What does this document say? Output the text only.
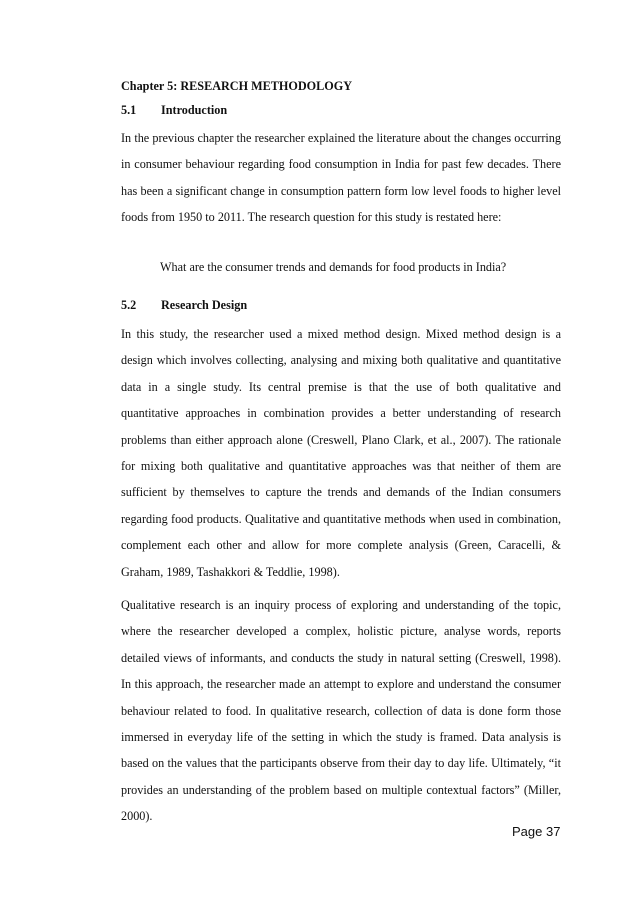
Chapter 5: RESEARCH METHODOLOGY
5.1 Introduction
In the previous chapter the researcher explained the literature about the changes occurring in consumer behaviour regarding food consumption in India for past few decades. There has been a significant change in consumption pattern form low level foods to higher level foods from 1950 to 2011. The research question for this study is restated here:
What are the consumer trends and demands for food products in India?
5.2 Research Design
In this study, the researcher used a mixed method design. Mixed method design is a design which involves collecting, analysing and mixing both qualitative and quantitative data in a single study. Its central premise is that the use of both qualitative and quantitative approaches in combination provides a better understanding of research problems than either approach alone (Creswell, Plano Clark, et al., 2007). The rationale for mixing both qualitative and quantitative approaches was that neither of them are sufficient by themselves to capture the trends and demands of the Indian consumers regarding food products. Qualitative and quantitative methods when used in combination, complement each other and allow for more complete analysis (Green, Caracelli, & Graham, 1989, Tashakkori & Teddlie, 1998).
Qualitative research is an inquiry process of exploring and understanding of the topic, where the researcher developed a complex, holistic picture, analyse words, reports detailed views of informants, and conducts the study in natural setting (Creswell, 1998). In this approach, the researcher made an attempt to explore and understand the consumer behaviour related to food. In qualitative research, collection of data is done form those immersed in everyday life of the setting in which the study is framed. Data analysis is based on the values that the participants observe from their day to day life. Ultimately, “it provides an understanding of the problem based on multiple contextual factors” (Miller, 2000).
Page 37
